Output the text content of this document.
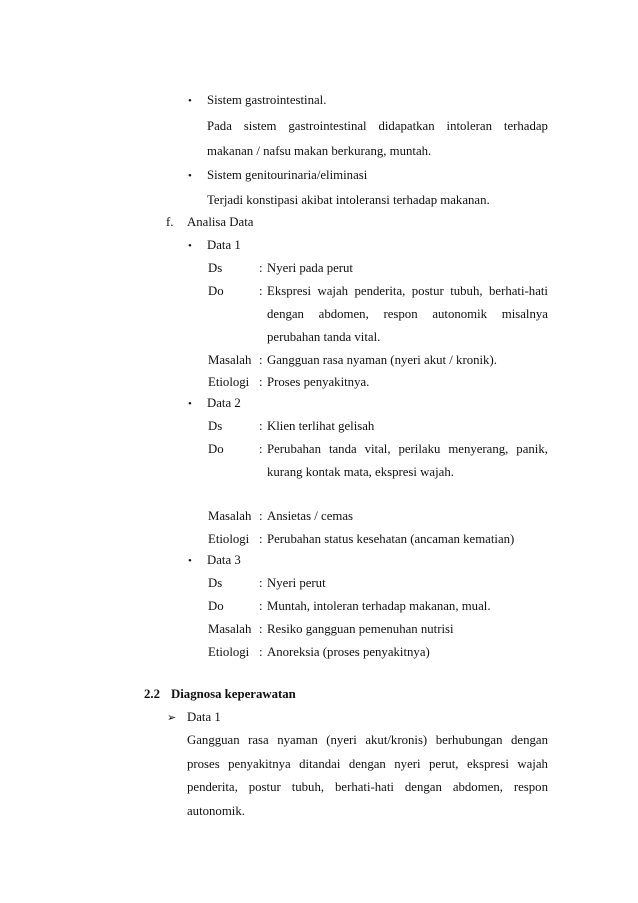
• Sistem gastrointestinal.
Pada sistem gastrointestinal didapatkan intoleran terhadap
makanan / nafsu makan berkurang, muntah.
• Sistem genitourinaria/eliminasi
Terjadi konstipasi akibat intoleransi terhadap makanan.
f. Analisa Data
• Data 1
Ds	: Nyeri pada perut
Do	: Ekspresi wajah penderita, postur tubuh, berhati-hati
dengan abdomen, respon autonomik misalnya
perubahan tanda vital.
Masalah : Gangguan rasa nyaman (nyeri akut / kronik).
Etiologi : Proses penyakitnya.
• Data 2
Ds	: Klien terlihat gelisah
Do	: Perubahan tanda vital, perilaku menyerang, panik,
kurang kontak mata, ekspresi wajah.
Masalah : Ansietas / cemas
Etiologi : Perubahan status kesehatan (ancaman kematian)
• Data 3
Ds	: Nyeri perut
Do	: Muntah, intoleran terhadap makanan, mual.
Masalah : Resiko gangguan pemenuhan nutrisi
Etiologi : Anoreksia (proses penyakitnya)
2.2 Diagnosa keperawatan
➢ Data 1
Gangguan rasa nyaman (nyeri akut/kronis) berhubungan dengan
proses penyakitnya ditandai dengan nyeri perut, ekspresi wajah
penderita, postur tubuh, berhati-hati dengan abdomen, respon
autonomik.
